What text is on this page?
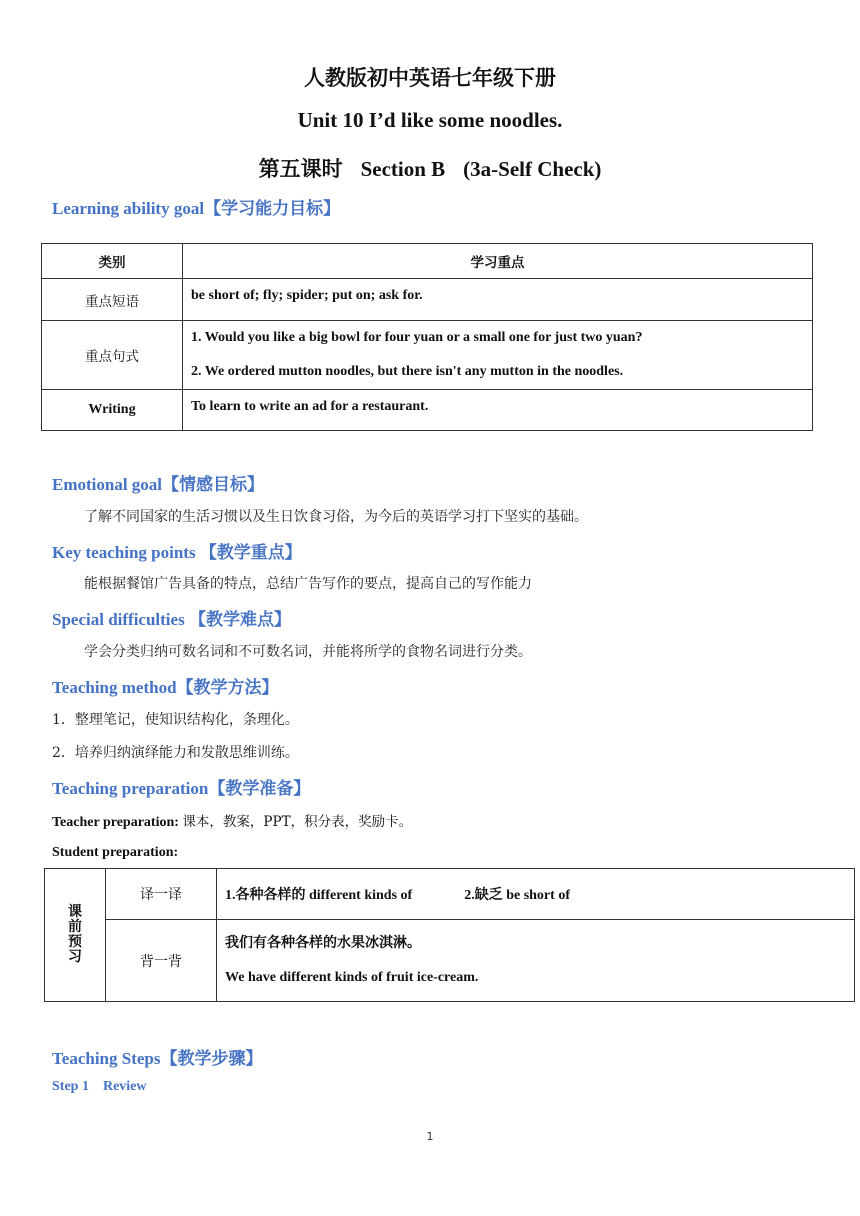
人教版初中英语七年级下册
Unit 10 I’d like some noodles.
第五课时 Section B (3a-Self Check)
Learning ability goal【学习能力目标】
类别	学习重点
重点短语	be short of; fly; spider; put on; ask for.
重点句式	1. Would you like a big bowl for four yuan or a small one for just two yuan?
2. We ordered mutton noodles, but there isn't any mutton in the noodles.

Writing	To learn to write an ad for a restaurant.
Emotional goal【情感目标】
了解不同国家的生活习惯以及生日饮食习俗，为今后的英语学习打下坚实的基础。
Key teaching points 【教学重点】
能根据餐馆广告具备的特点，总结广告写作的要点，提高自己的写作能力
Special difficulties 【教学难点】
学会分类归纳可数名词和不可数名词，并能将所学的食物名词进行分类。
Teaching method【教学方法】
1．整理笔记，使知识结构化，条理化。
2．培养归纳演绎能力和发散思维训练。
Teaching preparation【教学准备】
Teacher preparation: 课本，教案，PPT，积分表，奖励卡。
Student preparation:
课
前
预
习	译一译	1.各种各样的 different kinds of 2.缺乏 be short of
	背一背	我们有各种各样的水果冰淇淋。
We have different kinds of fruit ice-cream.
Teaching Steps【教学步骤】
Step 1 Review
1
